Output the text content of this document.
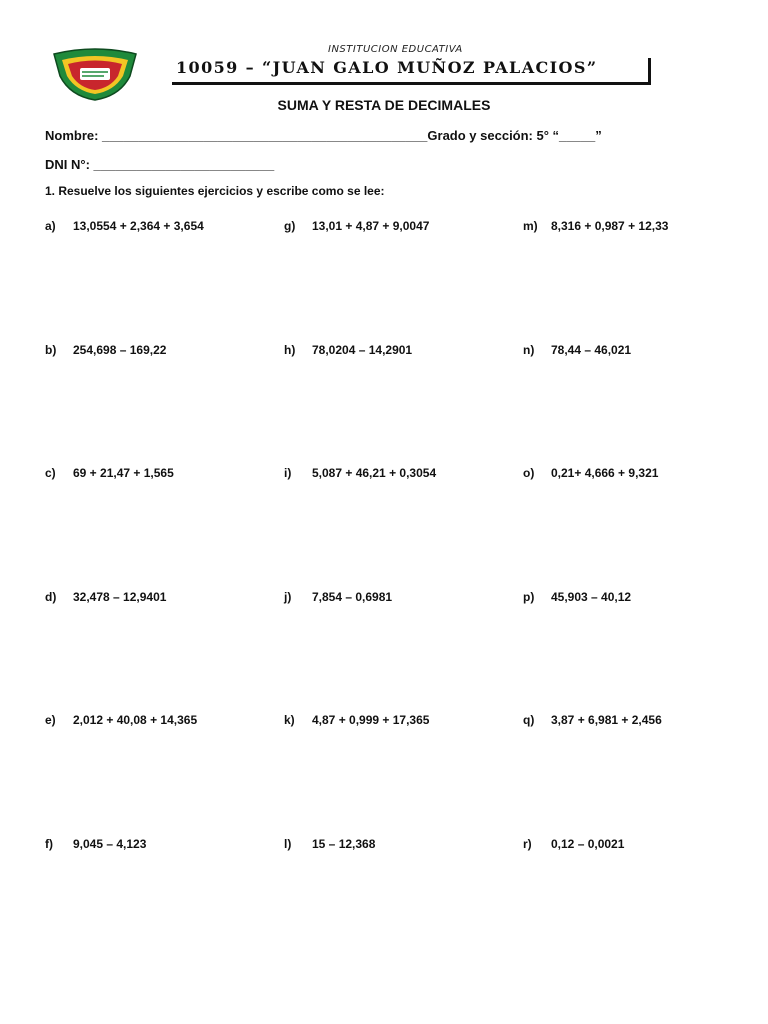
INSTITUCION EDUCATIVA
10059 – “JUAN GALO MUÑOZ PALACIOS”
SUMA Y RESTA DE DECIMALES
Nombre: _____________________________________________Grado y sección: 5° “_____”
DNI N°: _________________________
1. Resuelve los siguientes ejercicios y escribe como se lee:
a) 13,0554 + 2,364 + 3,654
b) 254,698 – 169,22
c) 69 + 21,47 + 1,565
d) 32,478 – 12,9401
e) 2,012 + 40,08 + 14,365
f) 9,045 – 4,123
g) 13,01 + 4,87 + 9,0047
h) 78,0204 – 14,2901
i) 5,087 + 46,21 + 0,3054
j) 7,854 – 0,6981
k) 4,87 + 0,999 + 17,365
l) 15 – 12,368
m) 8,316 + 0,987 + 12,33
n) 78,44 – 46,021
o) 0,21+ 4,666 + 9,321
p) 45,903 – 40,12
q) 3,87 + 6,981 + 2,456
r) 0,12 – 0,0021
